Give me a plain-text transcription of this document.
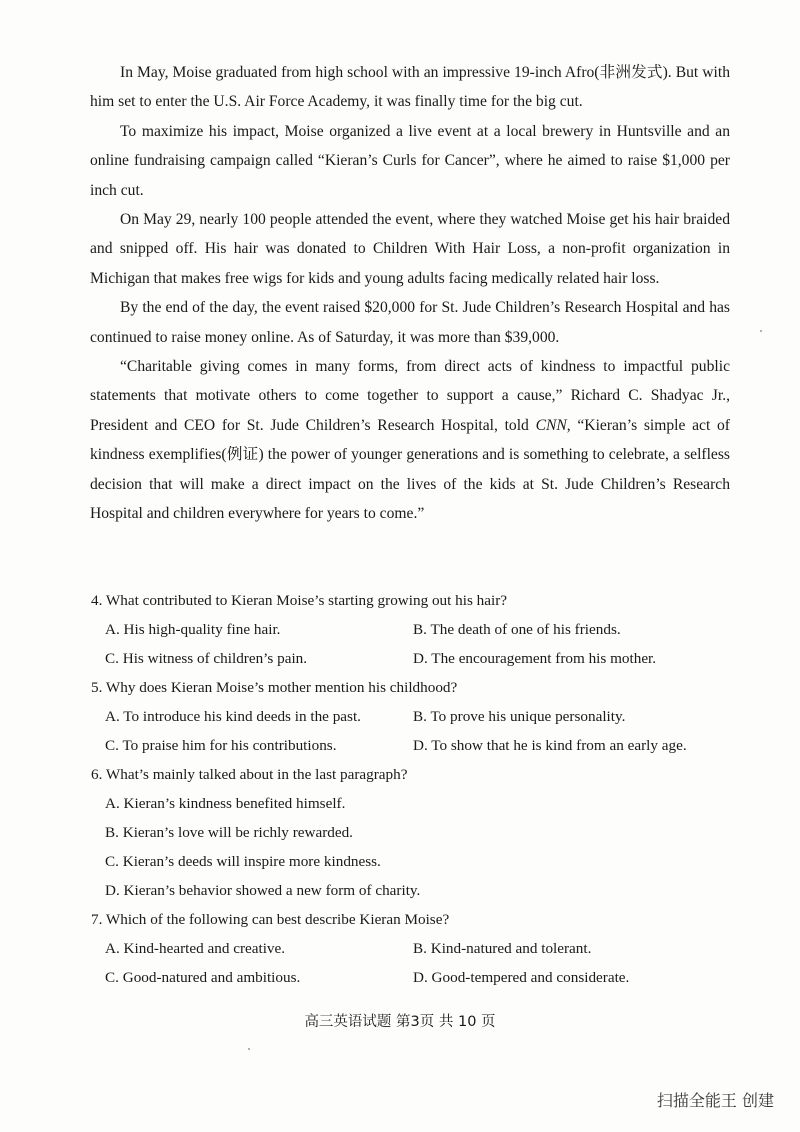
In May, Moise graduated from high school with an impressive 19-inch Afro(非洲发式). But with him set to enter the U.S. Air Force Academy, it was finally time for the big cut.

To maximize his impact, Moise organized a live event at a local brewery in Huntsville and an online fundraising campaign called “Kieran’s Curls for Cancer”, where he aimed to raise $1,000 per inch cut.

On May 29, nearly 100 people attended the event, where they watched Moise get his hair braided and snipped off. His hair was donated to Children With Hair Loss, a non-profit organization in Michigan that makes free wigs for kids and young adults facing medically related hair loss.

By the end of the day, the event raised $20,000 for St. Jude Children’s Research Hospital and has continued to raise money online. As of Saturday, it was more than $39,000.

“Charitable giving comes in many forms, from direct acts of kindness to impactful public statements that motivate others to come together to support a cause,” Richard C. Shadyac Jr., President and CEO for St. Jude Children’s Research Hospital, told CNN, “Kieran’s simple act of kindness exemplifies(例证) the power of younger generations and is something to celebrate, a selfless decision that will make a direct impact on the lives of the kids at St. Jude Children’s Research Hospital and children everywhere for years to come.”

4. What contributed to Kieran Moise’s starting growing out his hair?
A. His high-quality fine hair.	B. The death of one of his friends.
C. His witness of children’s pain.	D. The encouragement from his mother.
5. Why does Kieran Moise’s mother mention his childhood?
A. To introduce his kind deeds in the past.	B. To prove his unique personality.
C. To praise him for his contributions.	D. To show that he is kind from an early age.
6. What’s mainly talked about in the last paragraph?
A. Kieran’s kindness benefited himself.
B. Kieran’s love will be richly rewarded.
C. Kieran’s deeds will inspire more kindness.
D. Kieran’s behavior showed a new form of charity.
7. Which of the following can best describe Kieran Moise?
A. Kind-hearted and creative.	B. Kind-natured and tolerant.
C. Good-natured and ambitious.	D. Good-tempered and considerate.
高三英语试题 第3页 共 10 页
扫描全能王 创建
